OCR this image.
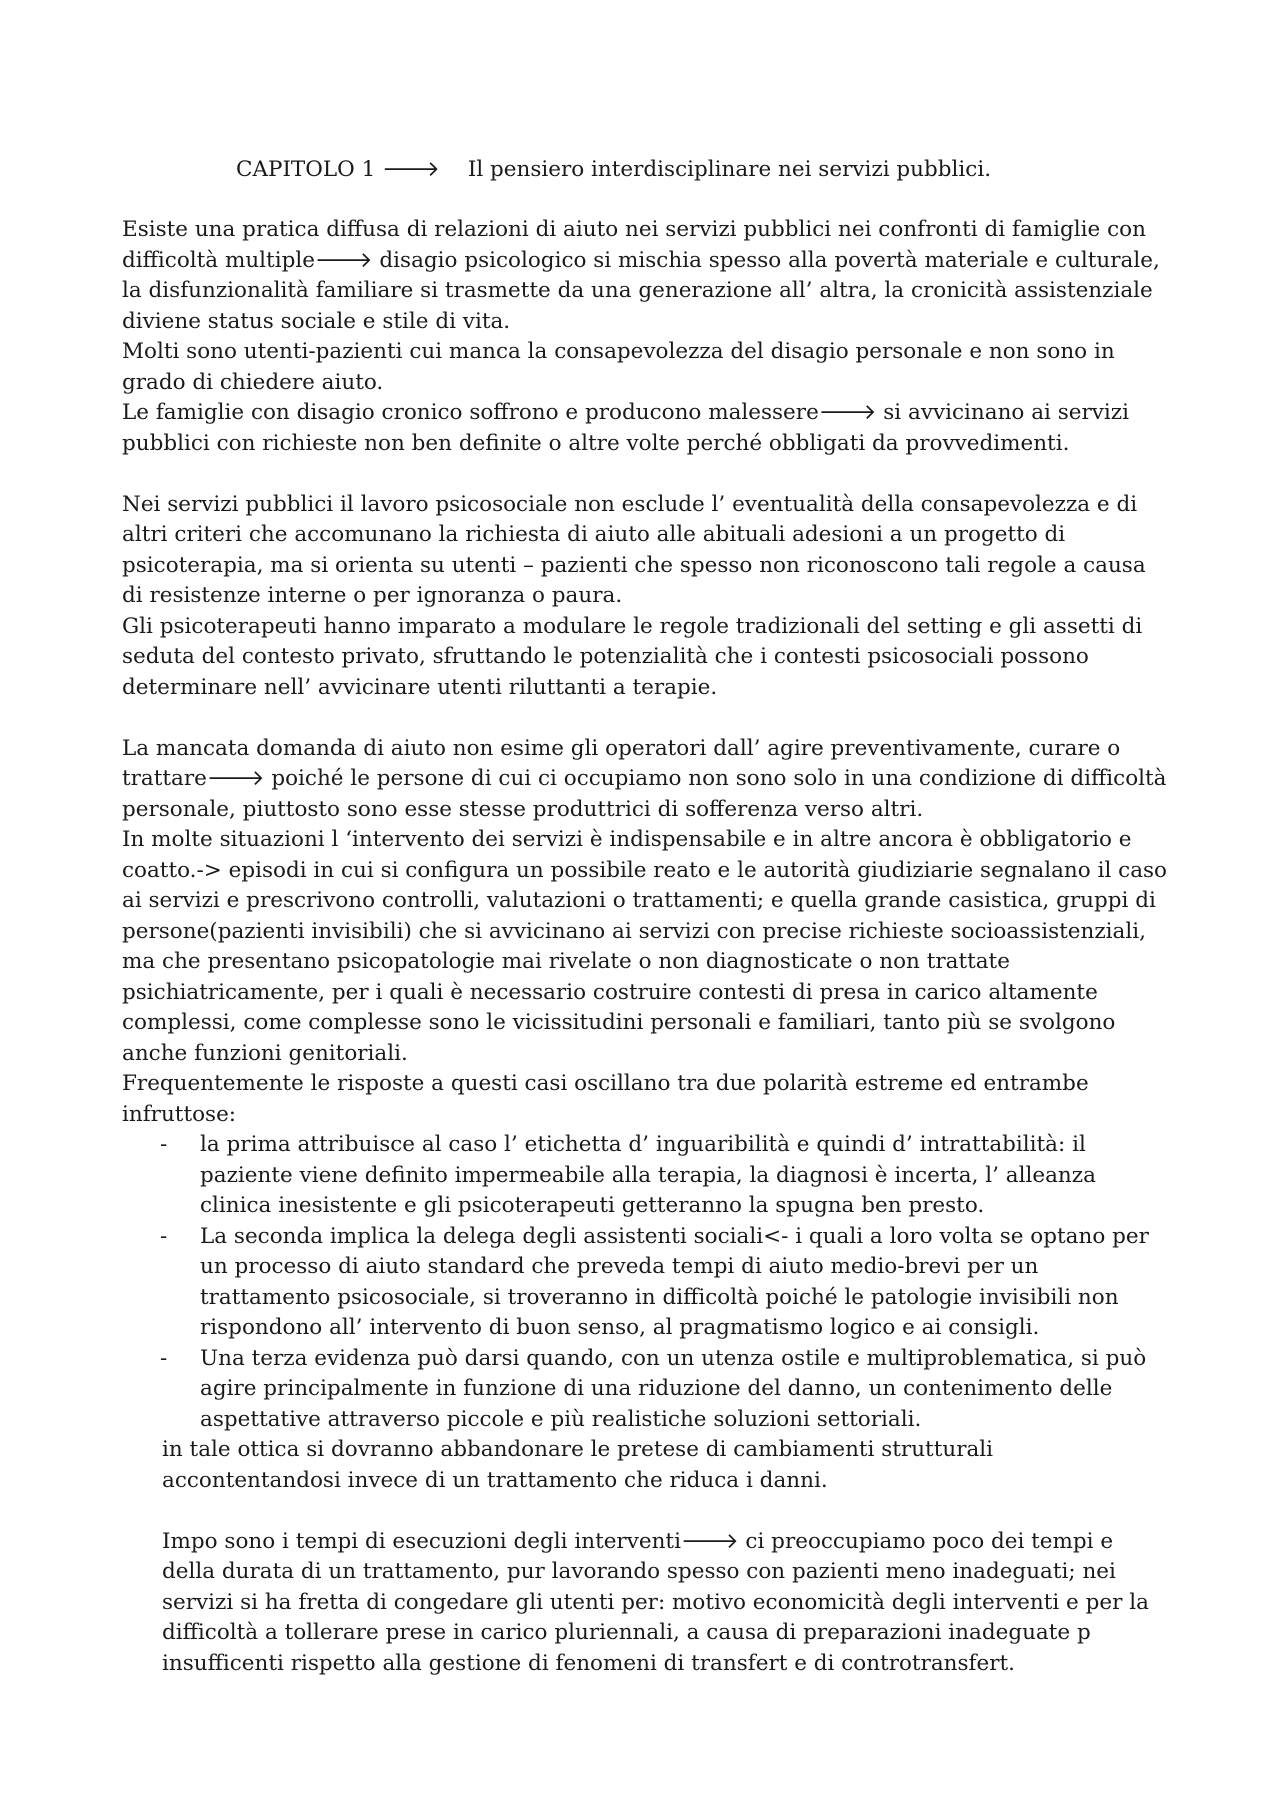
CAPITOLO 1 🡒 Il pensiero interdisciplinare nei servizi pubblici.

Esiste una pratica diffusa di relazioni di aiuto nei servizi pubblici nei confronti di famiglie con difficoltà multiple🡒 disagio psicologico si mischia spesso alla povertà materiale e culturale, la disfunzionalità familiare si trasmette da una generazione all’ altra, la cronicità assistenziale diviene status sociale e stile di vita.

Molti sono utenti-pazienti cui manca la consapevolezza del disagio personale e non sono in grado di chiedere aiuto.

Le famiglie con disagio cronico soffrono e producono malessere🡒 si avvicinano ai servizi pubblici con richieste non ben definite o altre volte perché obbligati da provvedimenti.

Nei servizi pubblici il lavoro psicosociale non esclude l’ eventualità della consapevolezza e di altri criteri che accomunano la richiesta di aiuto alle abituali adesioni a un progetto di psicoterapia, ma si orienta su utenti – pazienti che spesso non riconoscono tali regole a causa di resistenze interne o per ignoranza o paura.

Gli psicoterapeuti hanno imparato a modulare le regole tradizionali del setting e gli assetti di seduta del contesto privato, sfruttando le potenzialità che i contesti psicosociali possono determinare nell’ avvicinare utenti riluttanti a terapie.

La mancata domanda di aiuto non esime gli operatori dall’ agire preventivamente, curare o trattare🡒 poiché le persone di cui ci occupiamo non sono solo in una condizione di difficoltà personale, piuttosto sono esse stesse produttrici di sofferenza verso altri.

In molte situazioni l ‘intervento dei servizi è indispensabile e in altre ancora è obbligatorio e coatto.-> episodi in cui si configura un possibile reato e le autorità giudiziarie segnalano il caso ai servizi e prescrivono controlli, valutazioni o trattamenti; e quella grande casistica, gruppi di persone(pazienti invisibili) che si avvicinano ai servizi con precise richieste socioassistenziali, ma che presentano psicopatologie mai rivelate o non diagnosticate o non trattate psichiatricamente, per i quali è necessario costruire contesti di presa in carico altamente complessi, come complesse sono le vicissitudini personali e familiari, tanto più se svolgono anche funzioni genitoriali.

Frequentemente le risposte a questi casi oscillano tra due polarità estreme ed entrambe infruttose:

- la prima attribuisce al caso l’ etichetta d’ inguaribilità e quindi d’ intrattabilità: il paziente viene definito impermeabile alla terapia, la diagnosi è incerta, l’ alleanza clinica inesistente e gli psicoterapeuti getteranno la spugna ben presto.
- La seconda implica la delega degli assistenti sociali<- i quali a loro volta se optano per un processo di aiuto standard che preveda tempi di aiuto medio-brevi per un trattamento psicosociale, si troveranno in difficoltà poiché le patologie invisibili non rispondono all’ intervento di buon senso, al pragmatismo logico e ai consigli.
- Una terza evidenza può darsi quando, con un utenza ostile e multiproblematica, si può agire principalmente in funzione di una riduzione del danno, un contenimento delle aspettative attraverso piccole e più realistiche soluzioni settoriali.

in tale ottica si dovranno abbandonare le pretese di cambiamenti strutturali accontentandosi invece di un trattamento che riduca i danni.

Impo sono i tempi di esecuzioni degli interventi🡒 ci preoccupiamo poco dei tempi e della durata di un trattamento, pur lavorando spesso con pazienti meno inadeguati; nei servizi si ha fretta di congedare gli utenti per: motivo economicità degli interventi e per la difficoltà a tollerare prese in carico pluriennali, a causa di preparazioni inadeguate p insufficenti rispetto alla gestione di fenomeni di transfert e di controtransfert.
